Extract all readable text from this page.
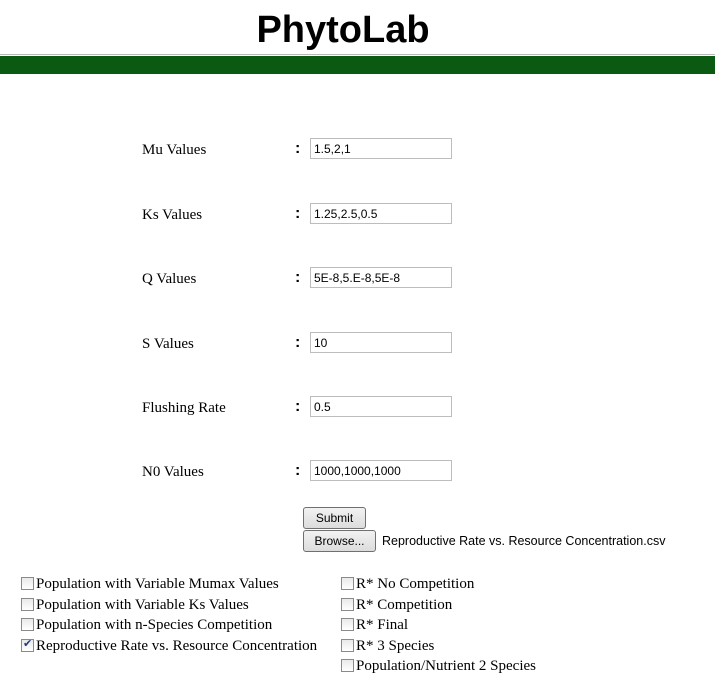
PhytoLab
Mu Values	:
1.5,2,1
Ks Values	:
1.25,2.5,0.5
Q Values	:
5E-8,5.E-8,5E-8
S Values	:
10
Flushing Rate	:
0.5
N0 Values	:
1000,1000,1000
Submit
Browse...	Reproductive Rate vs. Resource Concentration.csv
Population with Variable Mumax Values
Population with Variable Ks Values
Population with n-Species Competition
✔ Reproductive Rate vs. Resource Concentration
R* No Competition
R* Competition
R* Final
R* 3 Species
Population/Nutrient 2 Species
